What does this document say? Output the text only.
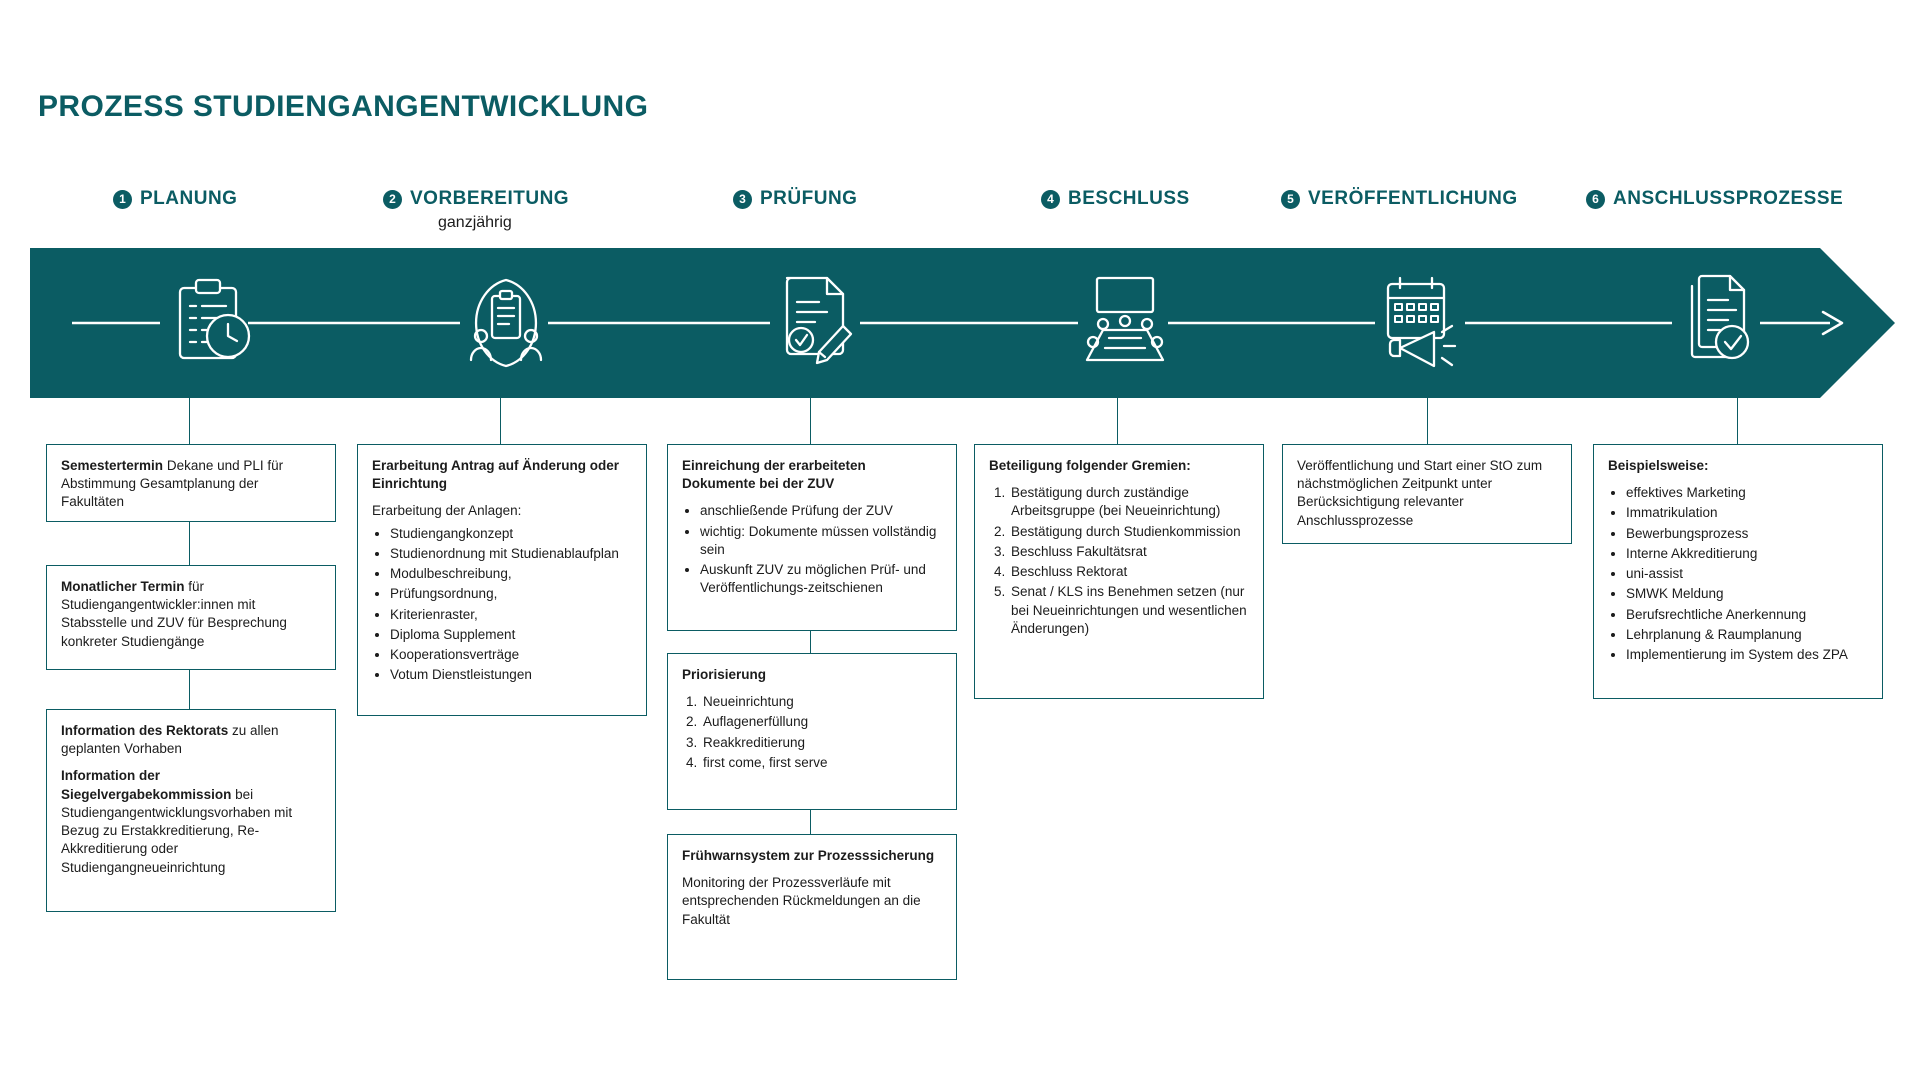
PROZESS STUDIENGANGENTWICKLUNG
1 PLANUNG	2 VORBEREITUNG
ganzjährig
3 PRÜFUNG	4 BESCHLUSS	5 VERÖFFENTLICHUNG	6 ANSCHLUSSPROZESSE

Semestertermin Dekane und PLI für Abstimmung Gesamtplanung der Fakultäten

Monatlicher Termin für Studiengangentwickler:innen mit Stabsstelle und ZUV für Besprechung konkreter Studiengänge

Information des Rektorats zu allen geplanten Vorhaben

Information der Siegelvergabekommission bei Studiengangentwicklungsvorhaben mit Bezug zu Erstakkreditierung, Re-Akkreditierung oder Studiengangneueinrichtung

Erarbeitung Antrag auf Änderung oder Einrichtung

Erarbeitung der Anlagen:

• Studiengangkonzept
• Studienordnung mit Studienablaufplan
• Modulbeschreibung,
• Prüfungsordnung,
• Kriterienraster,
• Diploma Supplement
• Kooperationsverträge
• Votum Dienstleistungen
Einreichung der erarbeiteten Dokumente bei der ZUV
• anschließende Prüfung der ZUV
• wichtig: Dokumente müssen vollständig sein
• Auskunft ZUV zu möglichen Prüf- und Veröffentlichungs-zeitschienen
Priorisierung
1. Neueinrichtung
2. Auflagenerfüllung
3. Reakkreditierung
4. first come, first serve
Frühwarnsystem zur Prozesssicherung

Monitoring der Prozessverläufe mit entsprechenden Rückmeldungen an die Fakultät

Beteiligung folgender Gremien:
1. Bestätigung durch zuständige Arbeitsgruppe (bei Neueinrichtung)
2. Bestätigung durch Studienkommission
3. Beschluss Fakultätsrat
4. Beschluss Rektorat
5. Senat / KLS ins Benehmen setzen (nur bei Neueinrichtungen und wesentlichen Änderungen)

Veröffentlichung und Start einer StO zum nächstmöglichen Zeitpunkt unter Berücksichtigung relevanter Anschlussprozesse

Beispielsweise:
• effektives Marketing
• Immatrikulation
• Bewerbungsprozess
• Interne Akkreditierung
• uni-assist
• SMWK Meldung
• Berufsrechtliche Anerkennung
• Lehrplanung & Raumplanung
• Implementierung im System des ZPA
